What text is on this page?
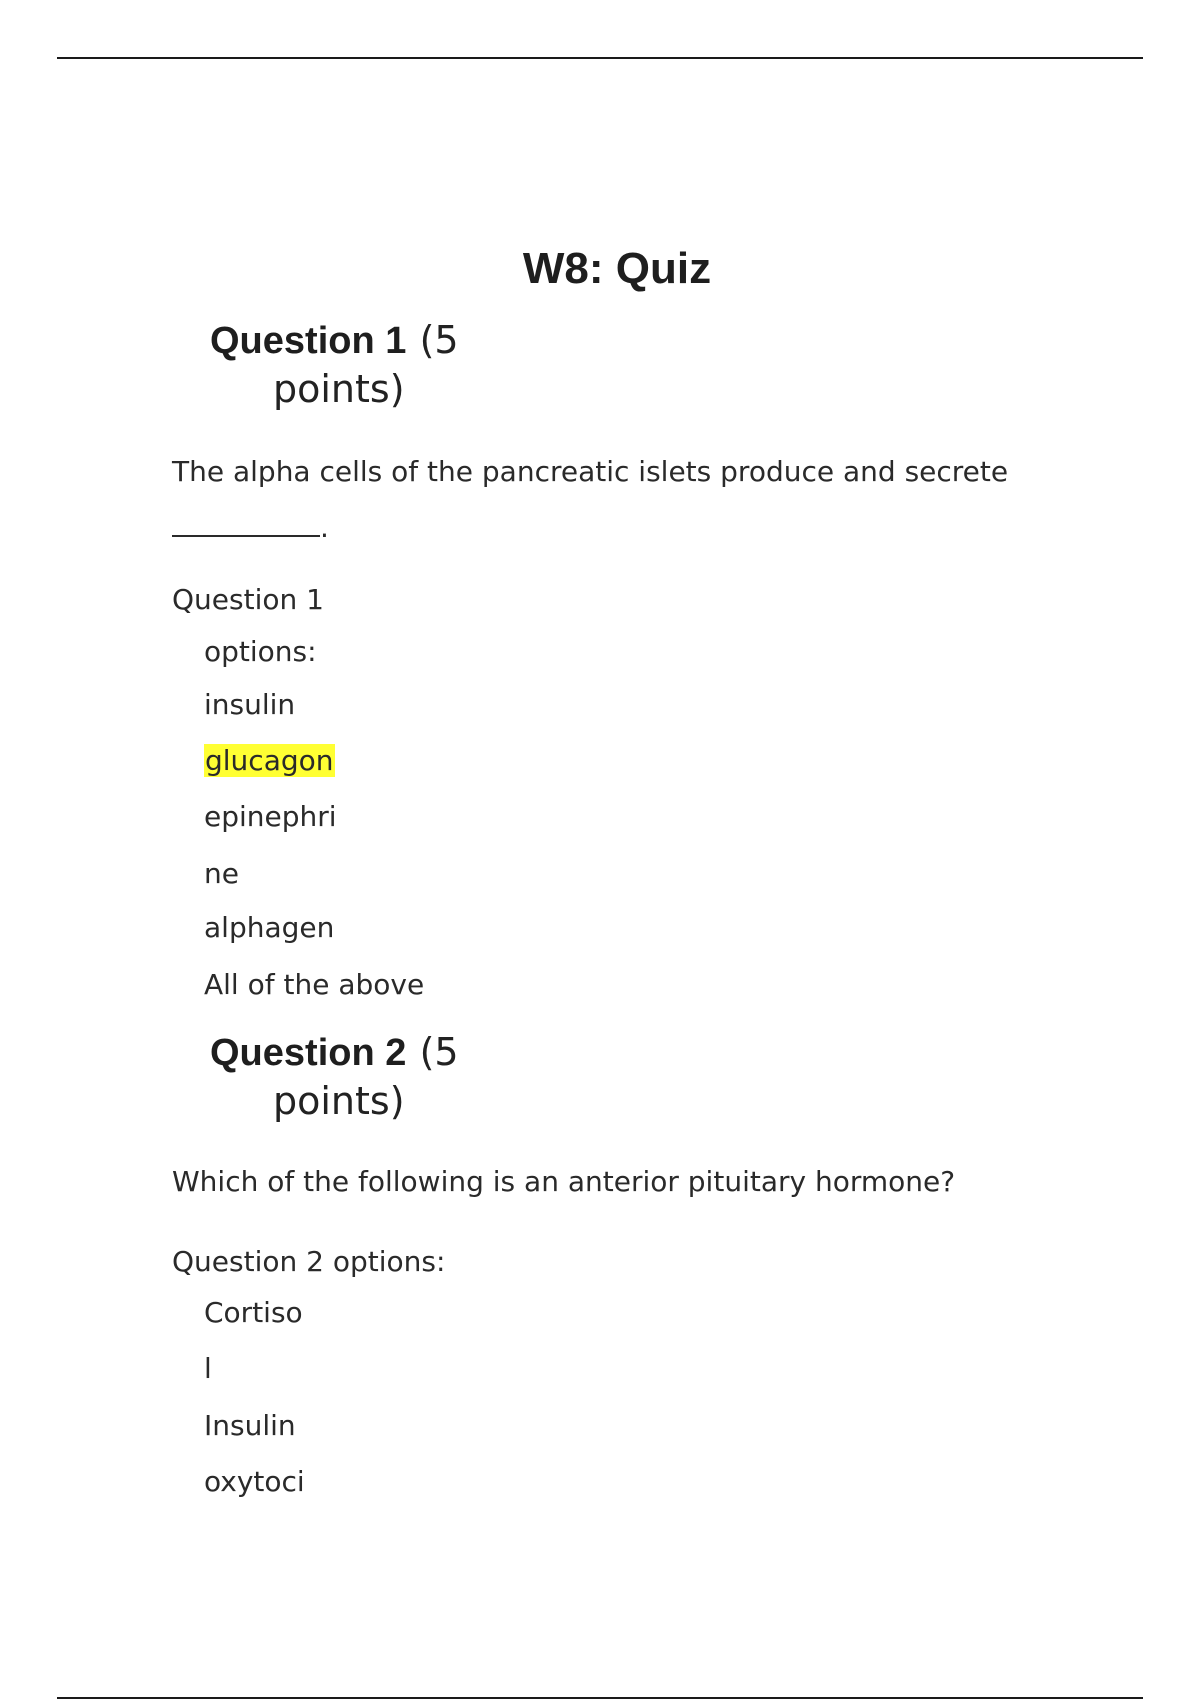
W8: Quiz
Question 1 (5
points)

The alpha cells of the pancreatic islets produce and secrete

.

Question 1

options:

insulin

glucagon

epinephri

ne

alphagen

All of the above

Question 2 (5
points)

Which of the following is an anterior pituitary hormone?

Question 2 options:

Cortiso

l

Insulin

oxytoci
